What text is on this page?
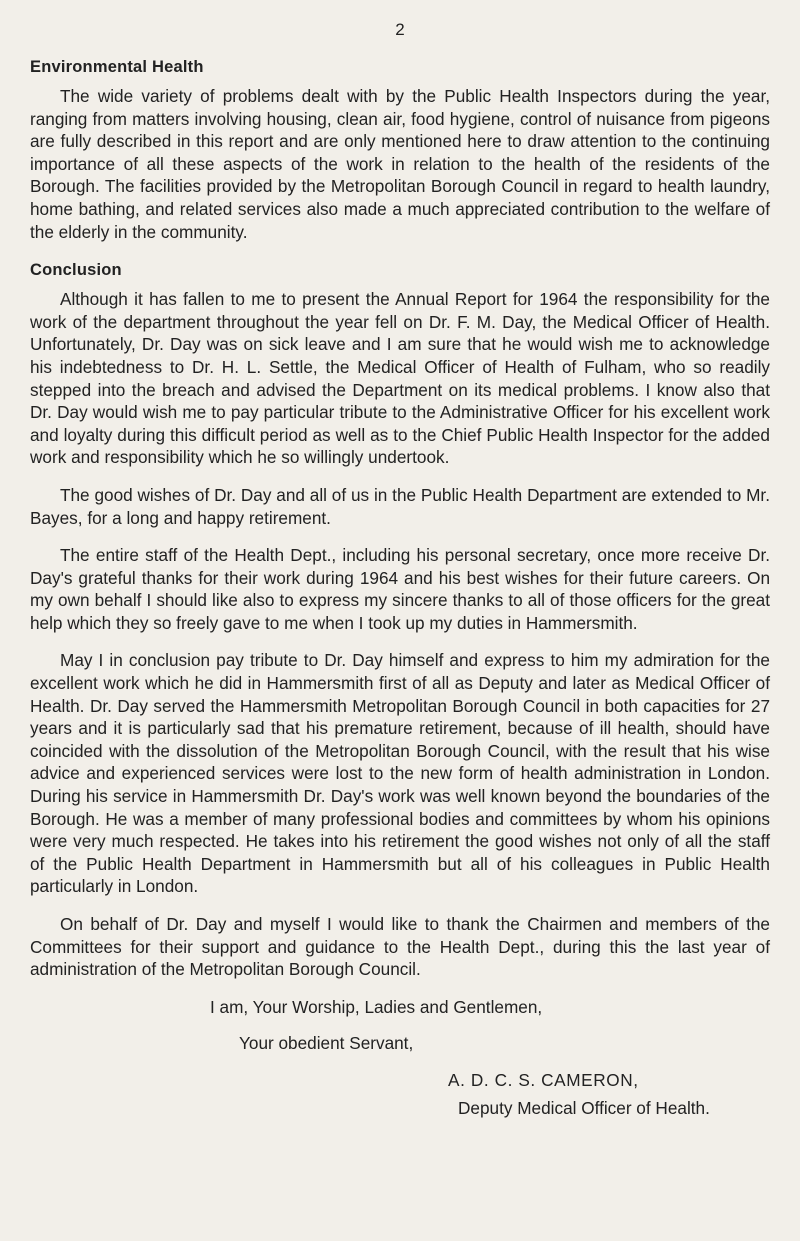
2
Environmental Health

The wide variety of problems dealt with by the Public Health Inspectors during the year, ranging from matters involving housing, clean air, food hygiene, control of nuisance from pigeons are fully described in this report and are only mentioned here to draw attention to the continuing importance of all these aspects of the work in relation to the health of the residents of the Borough. The facilities provided by the Metropolitan Borough Council in regard to health laundry, home bathing, and related services also made a much appreciated contribution to the welfare of the elderly in the community.

Conclusion

Although it has fallen to me to present the Annual Report for 1964 the responsibility for the work of the department throughout the year fell on Dr. F. M. Day, the Medical Officer of Health. Unfortunately, Dr. Day was on sick leave and I am sure that he would wish me to acknowledge his indebtedness to Dr. H. L. Settle, the Medical Officer of Health of Fulham, who so readily stepped into the breach and advised the Department on its medical problems. I know also that Dr. Day would wish me to pay particular tribute to the Administrative Officer for his excellent work and loyalty during this difficult period as well as to the Chief Public Health Inspector for the added work and responsibility which he so willingly undertook.

The good wishes of Dr. Day and all of us in the Public Health Department are extended to Mr. Bayes, for a long and happy retirement.

The entire staff of the Health Dept., including his personal secretary, once more receive Dr. Day's grateful thanks for their work during 1964 and his best wishes for their future careers. On my own behalf I should like also to express my sincere thanks to all of those officers for the great help which they so freely gave to me when I took up my duties in Hammersmith.

May I in conclusion pay tribute to Dr. Day himself and express to him my admiration for the excellent work which he did in Hammersmith first of all as Deputy and later as Medical Officer of Health. Dr. Day served the Hammersmith Metropolitan Borough Council in both capacities for 27 years and it is particularly sad that his premature retirement, because of ill health, should have coincided with the dissolution of the Metropolitan Borough Council, with the result that his wise advice and experienced services were lost to the new form of health administration in London. During his service in Hammersmith Dr. Day's work was well known beyond the boundaries of the Borough. He was a member of many professional bodies and committees by whom his opinions were very much respected. He takes into his retirement the good wishes not only of all the staff of the Public Health Department in Hammersmith but all of his colleagues in Public Health particularly in London.

On behalf of Dr. Day and myself I would like to thank the Chairmen and members of the Committees for their support and guidance to the Health Dept., during this the last year of administration of the Metropolitan Borough Council.

I am, Your Worship, Ladies and Gentlemen,
Your obedient Servant,
A. D. C. S. CAMERON,
Deputy Medical Officer of Health.
